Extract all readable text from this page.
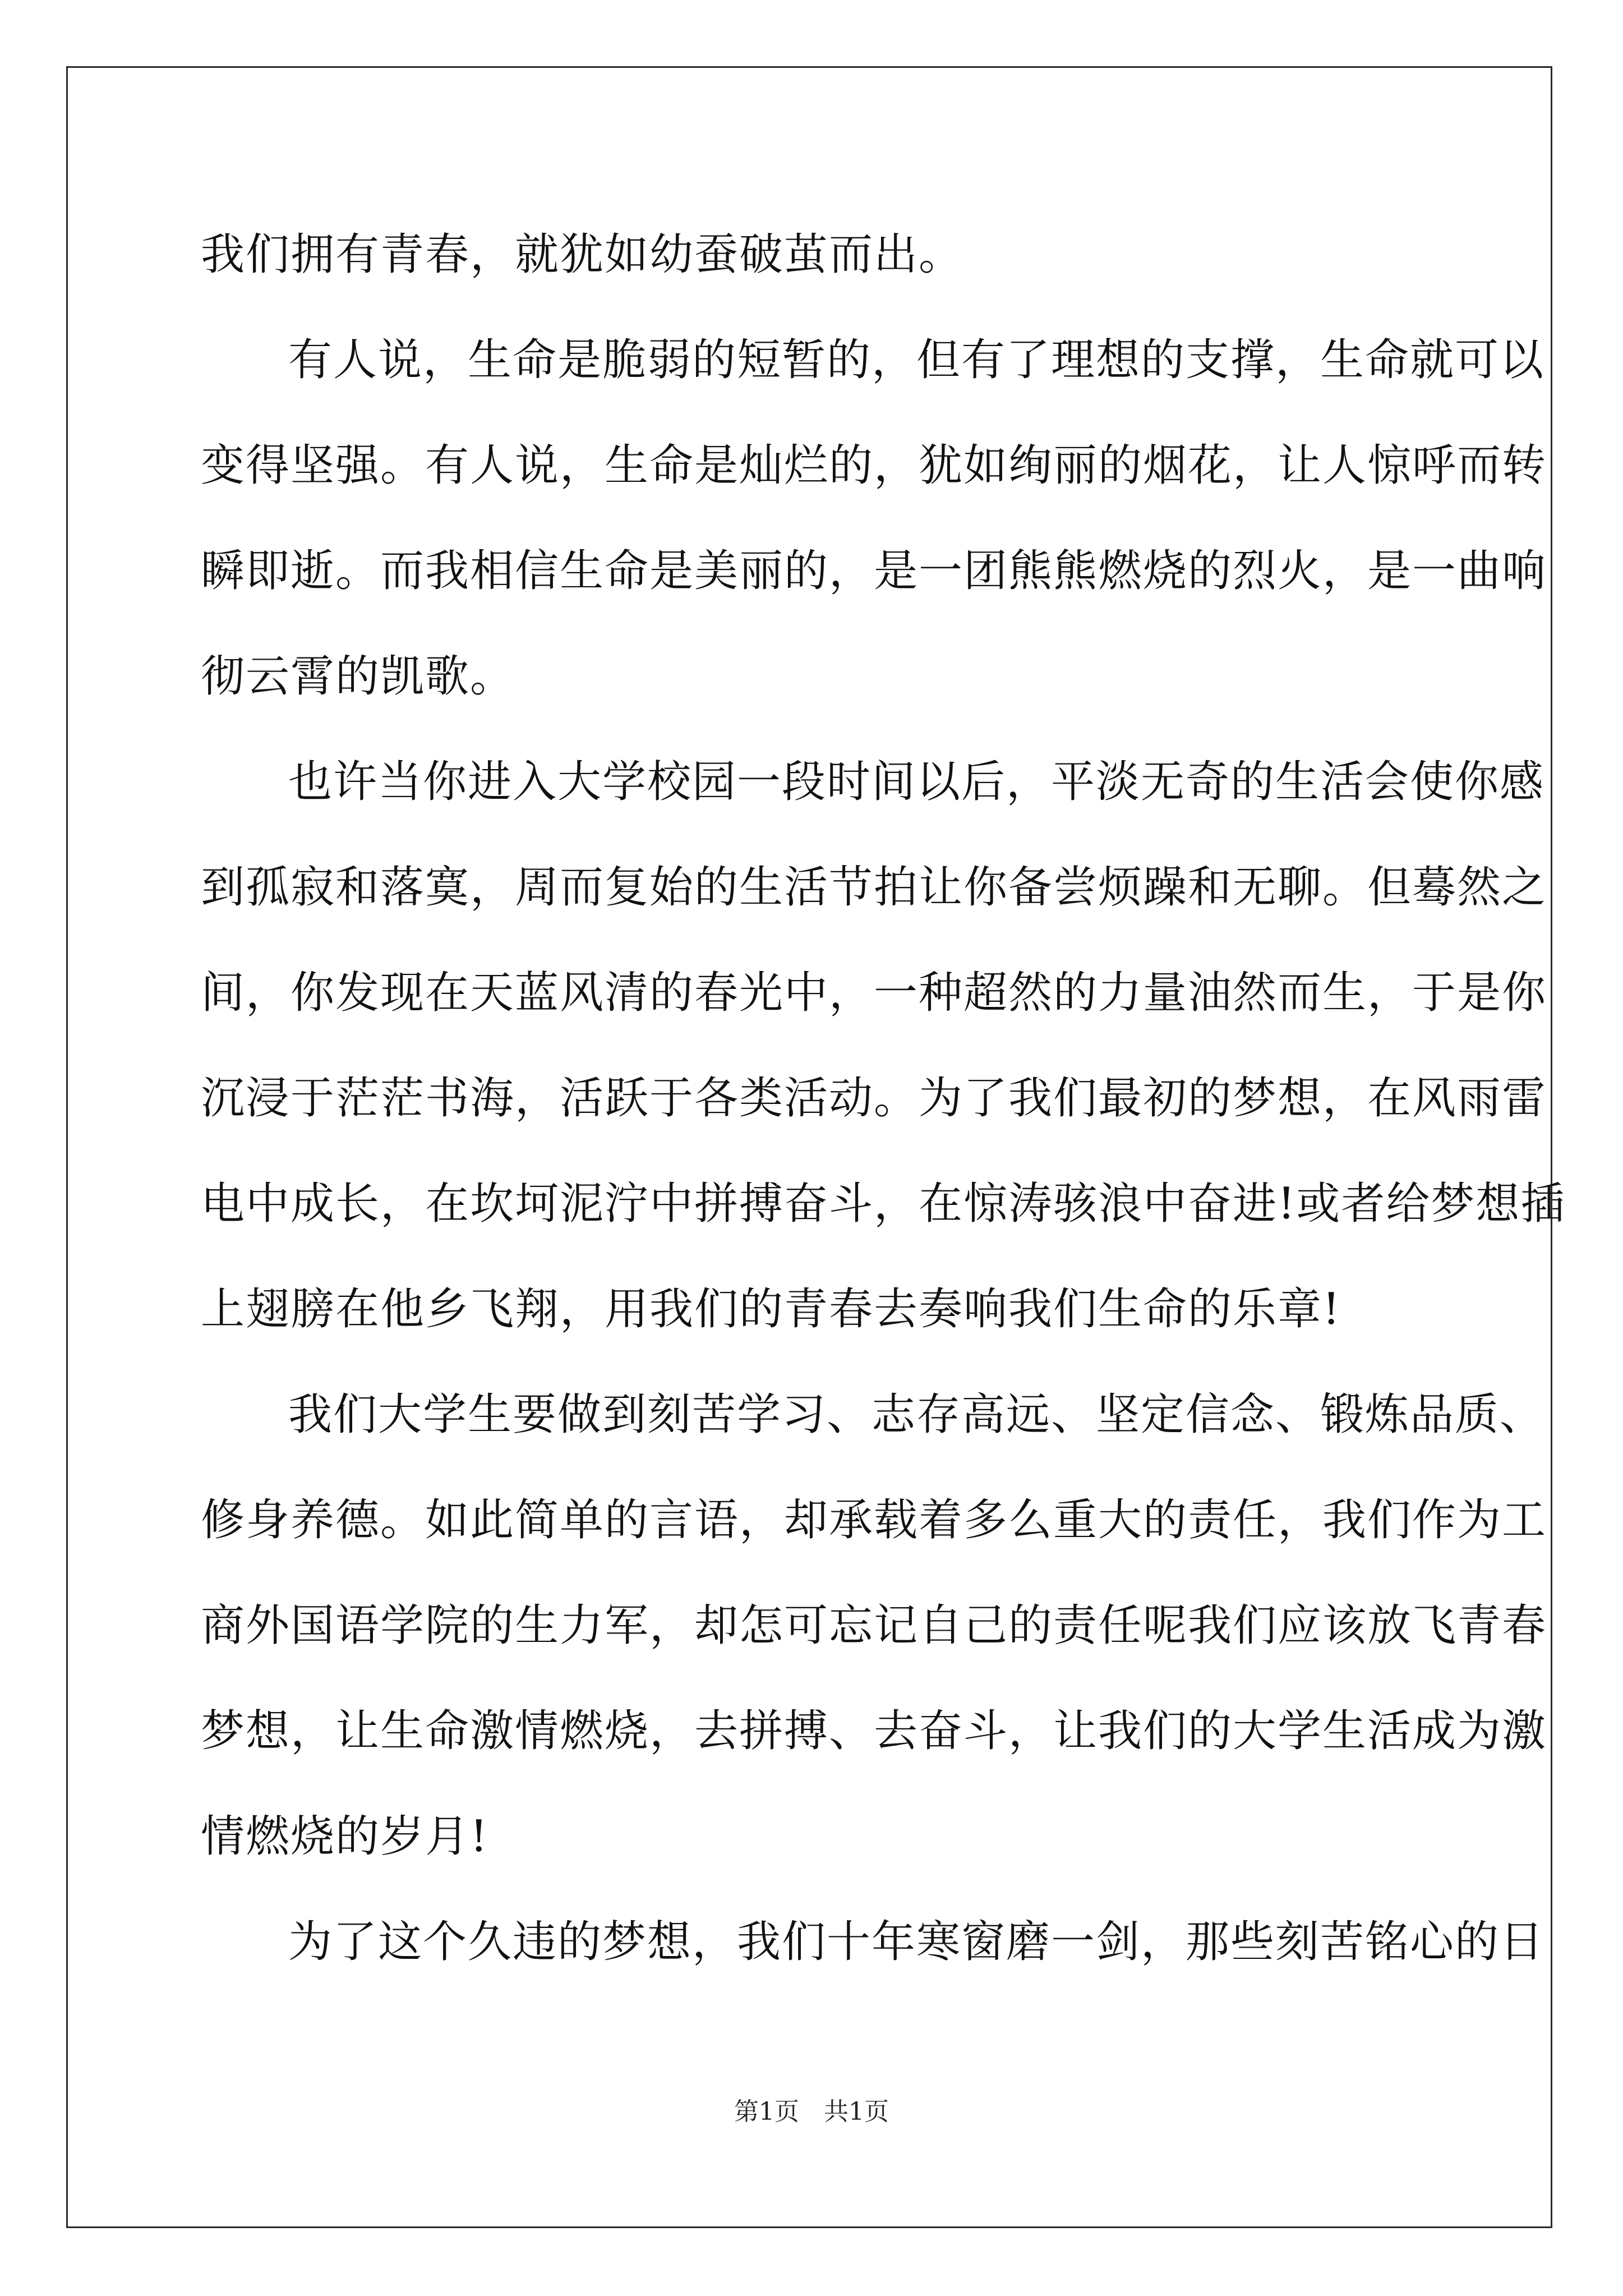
我们拥有青春，就犹如幼蚕破茧而出。
有人说，生命是脆弱的短暂的，但有了理想的支撑，生命就可以
变得坚强。有人说，生命是灿烂的，犹如绚丽的烟花，让人惊呼而转
瞬即逝。而我相信生命是美丽的，是一团熊熊燃烧的烈火，是一曲响
彻云霄的凯歌。
也许当你进入大学校园一段时间以后，平淡无奇的生活会使你感
到孤寂和落寞，周而复始的生活节拍让你备尝烦躁和无聊。但蓦然之
间，你发现在天蓝风清的春光中，一种超然的力量油然而生，于是你
沉浸于茫茫书海，活跃于各类活动。为了我们最初的梦想，在风雨雷
电中成长，在坎坷泥泞中拼搏奋斗，在惊涛骇浪中奋进!或者给梦想插
上翅膀在他乡飞翔，用我们的青春去奏响我们生命的乐章!
我们大学生要做到刻苦学习、志存高远、坚定信念、锻炼品质、
修身养德。如此简单的言语，却承载着多么重大的责任，我们作为工
商外国语学院的生力军，却怎可忘记自己的责任呢我们应该放飞青春
梦想，让生命激情燃烧，去拼搏、去奋斗，让我们的大学生活成为激
情燃烧的岁月!
为了这个久违的梦想，我们十年寒窗磨一剑，那些刻苦铭心的日
第1页　共1页
